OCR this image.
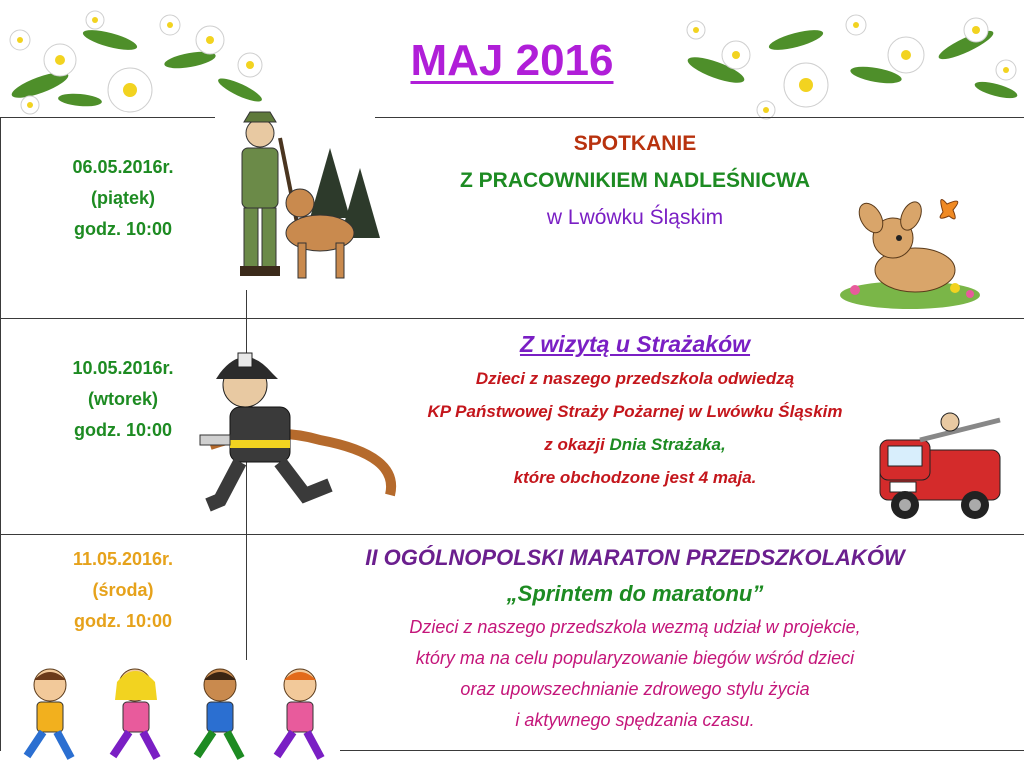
MAJ 2016
06.05.2016r.
(piątek)
godz. 10:00
SPOTKANIE
Z PRACOWNIKIEM NADLEŚNICWA
w Lwówku Śląskim
10.05.2016r.
(wtorek)
godz. 10:00
Z wizytą u Strażaków
Dzieci z naszego przedszkola odwiedzą
KP Państwowej Straży Pożarnej w Lwówku Śląskim
z okazji Dnia Strażaka,
które obchodzone jest 4 maja.
11.05.2016r.
(środa)
godz. 10:00
II OGÓLNOPOLSKI MARATON PRZEDSZKOLAKÓW
„Sprintem do maratonu”
Dzieci z naszego przedszkola wezmą udział w projekcie,
który ma na celu popularyzowanie biegów wśród dzieci
oraz upowszechnianie zdrowego stylu życia
i aktywnego spędzania czasu.
